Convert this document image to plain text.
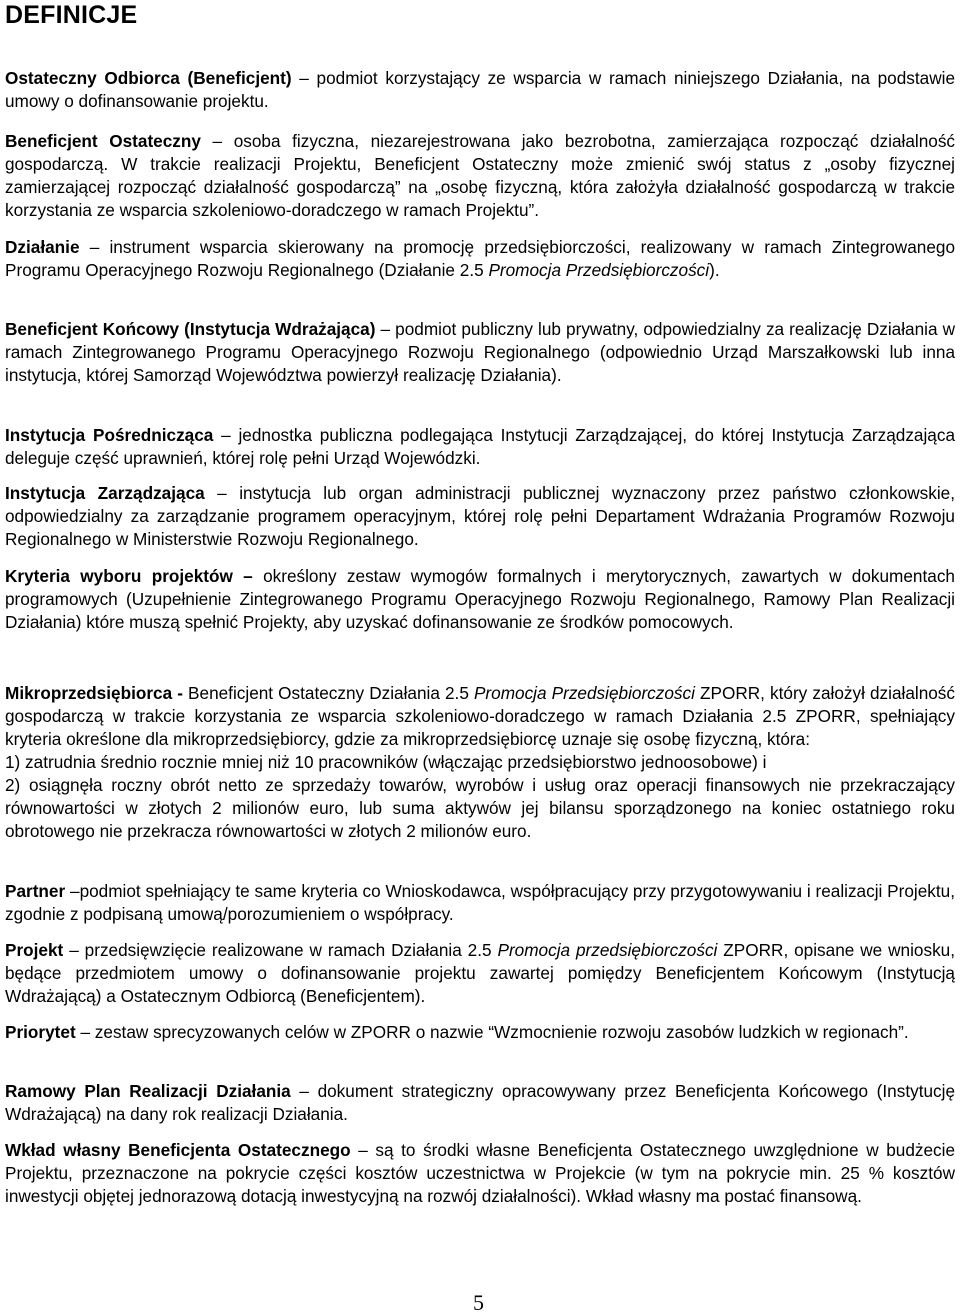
DEFINICJE

Ostateczny Odbiorca (Beneficjent) – podmiot korzystający ze wsparcia w ramach niniejszego Działania, na podstawie umowy o dofinansowanie projektu.

Beneficjent Ostateczny – osoba fizyczna, niezarejestrowana jako bezrobotna, zamierzająca rozpocząć działalność gospodarczą. W trakcie realizacji Projektu, Beneficjent Ostateczny może zmienić swój status z „osoby fizycznej zamierzającej rozpocząć działalność gospodarczą” na „osobę fizyczną, która założyła działalność gospodarczą w trakcie korzystania ze wsparcia szkoleniowo-doradczego w ramach Projektu”.

Działanie – instrument wsparcia skierowany na promocję przedsiębiorczości, realizowany w ramach Zintegrowanego Programu Operacyjnego Rozwoju Regionalnego (Działanie 2.5 Promocja Przedsiębiorczości).

Beneficjent Końcowy (Instytucja Wdrażająca) – podmiot publiczny lub prywatny, odpowiedzialny za realizację Działania w ramach Zintegrowanego Programu Operacyjnego Rozwoju Regionalnego (odpowiednio Urząd Marszałkowski lub inna instytucja, której Samorząd Województwa powierzył realizację Działania).

Instytucja Pośrednicząca – jednostka publiczna podlegająca Instytucji Zarządzającej, do której Instytucja Zarządzająca deleguje część uprawnień, której rolę pełni Urząd Wojewódzki.

Instytucja Zarządzająca – instytucja lub organ administracji publicznej wyznaczony przez państwo członkowskie, odpowiedzialny za zarządzanie programem operacyjnym, której rolę pełni Departament Wdrażania Programów Rozwoju Regionalnego w Ministerstwie Rozwoju Regionalnego.

Kryteria wyboru projektów – określony zestaw wymogów formalnych i merytorycznych, zawartych w dokumentach programowych (Uzupełnienie Zintegrowanego Programu Operacyjnego Rozwoju Regionalnego, Ramowy Plan Realizacji Działania) które muszą spełnić Projekty, aby uzyskać dofinansowanie ze środków pomocowych.

Mikroprzedsiębiorca - Beneficjent Ostateczny Działania 2.5 Promocja Przedsiębiorczości ZPORR, który założył działalność gospodarczą w trakcie korzystania ze wsparcia szkoleniowo-doradczego w ramach Działania 2.5 ZPORR, spełniający kryteria określone dla mikroprzedsiębiorcy, gdzie za mikroprzedsiębiorcę uznaje się osobę fizyczną, która:
1) zatrudnia średnio rocznie mniej niż 10 pracowników (włączając przedsiębiorstwo jednoosobowe) i
2) osiągnęła roczny obrót netto ze sprzedaży towarów, wyrobów i usług oraz operacji finansowych nie przekraczający równowartości w złotych 2 milionów euro, lub suma aktywów jej bilansu sporządzonego na koniec ostatniego roku obrotowego nie przekracza równowartości w złotych 2 milionów euro.

Partner –podmiot spełniający te same kryteria co Wnioskodawca, współpracujący przy przygotowywaniu i realizacji Projektu, zgodnie z podpisaną umową/porozumieniem o współpracy.

Projekt – przedsięwzięcie realizowane w ramach Działania 2.5 Promocja przedsiębiorczości ZPORR, opisane we wniosku, będące przedmiotem umowy o dofinansowanie projektu zawartej pomiędzy Beneficjentem Końcowym (Instytucją Wdrażającą) a Ostatecznym Odbiorcą (Beneficjentem).

Priorytet – zestaw sprecyzowanych celów w ZPORR o nazwie “Wzmocnienie rozwoju zasobów ludzkich w regionach”.

Ramowy Plan Realizacji Działania – dokument strategiczny opracowywany przez Beneficjenta Końcowego (Instytucję Wdrażającą) na dany rok realizacji Działania.

Wkład własny Beneficjenta Ostatecznego – są to środki własne Beneficjenta Ostatecznego uwzględnione w budżecie Projektu, przeznaczone na pokrycie części kosztów uczestnictwa w Projekcie (w tym na pokrycie min. 25 % kosztów inwestycji objętej jednorazową dotacją inwestycyjną na rozwój działalności). Wkład własny ma postać finansową.

5
